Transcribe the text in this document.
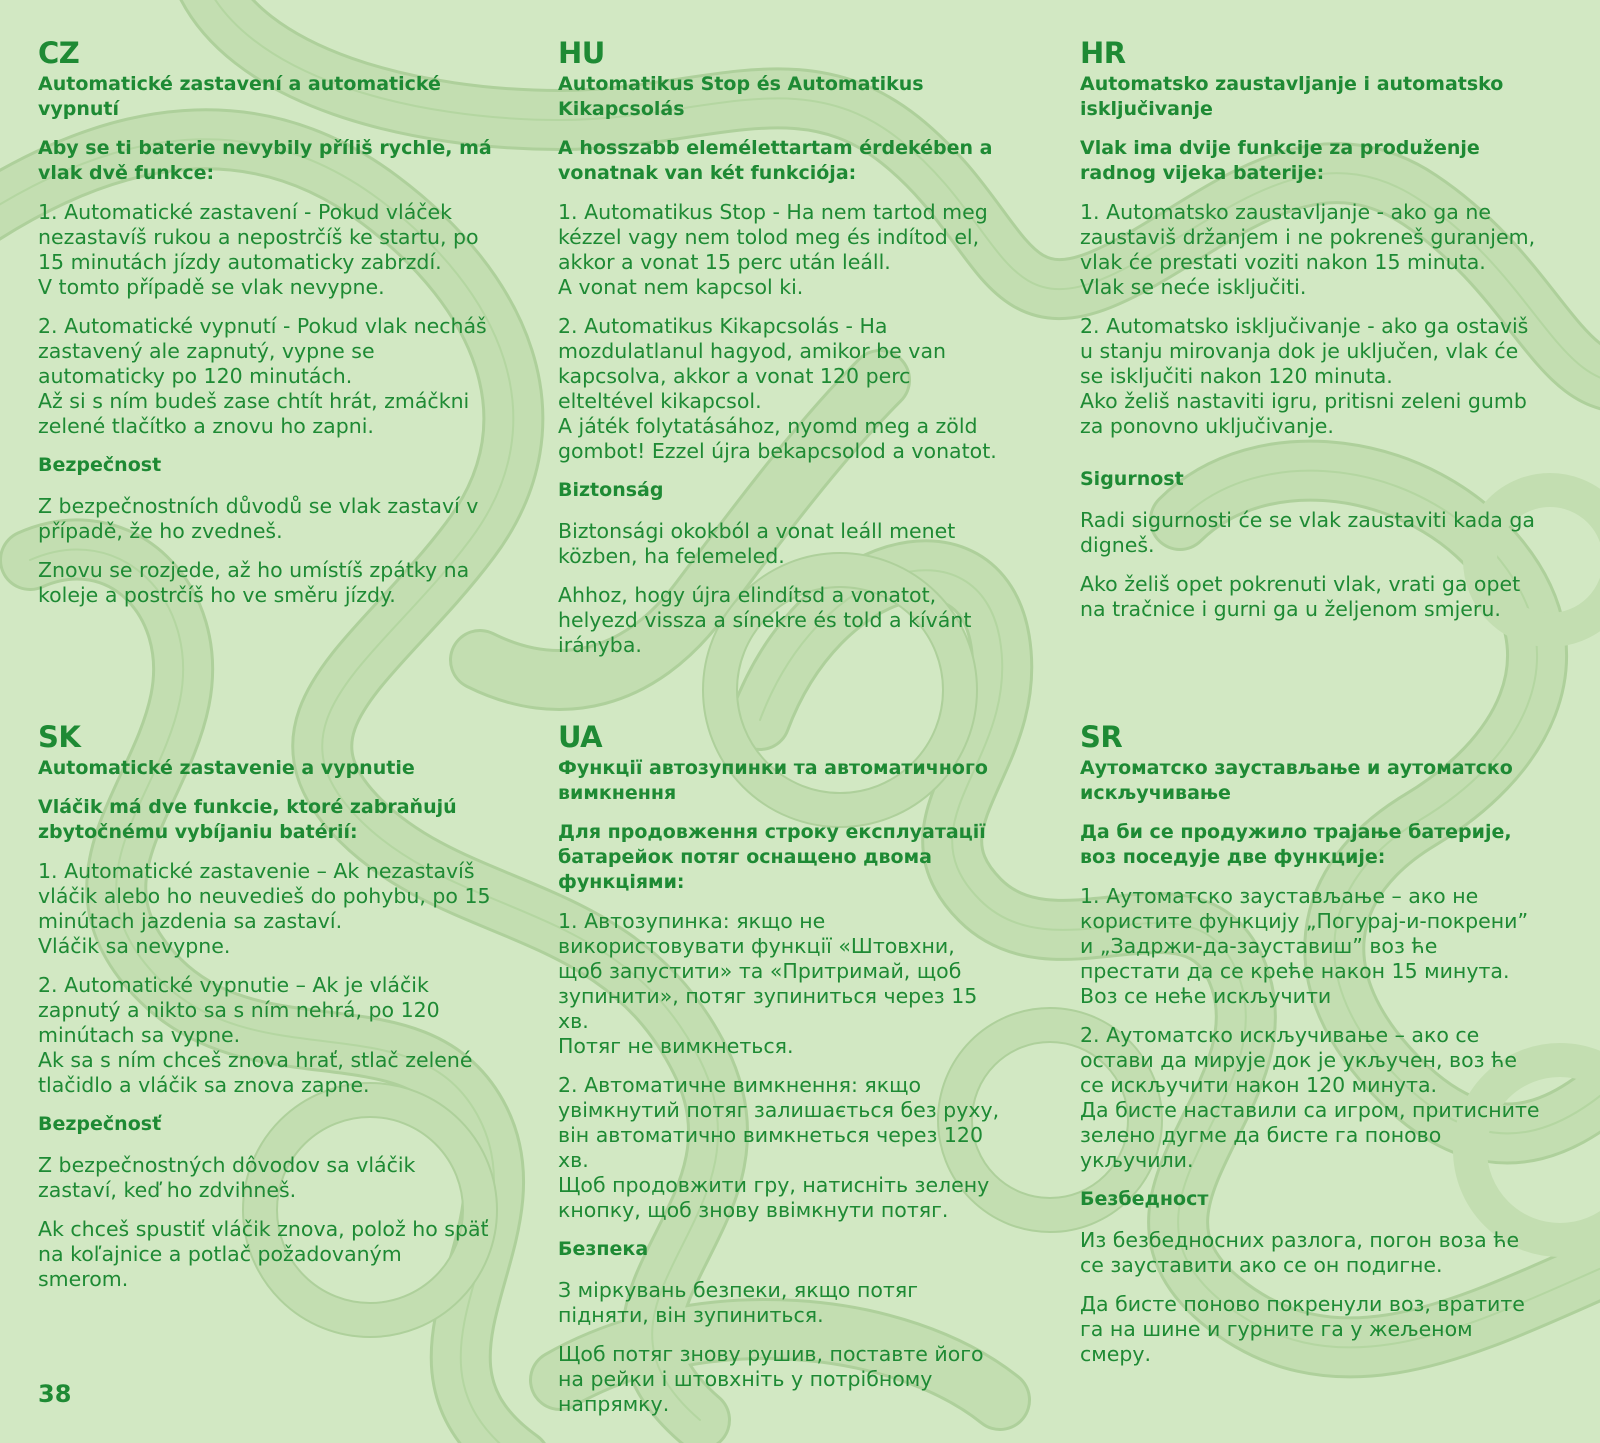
CZ
Automatické zastavení a automatické vypnutí
Aby se ti baterie nevybily příliš rychle, má vlak dvě funkce:
1. Automatické zastavení - Pokud vláček nezastavíš rukou a nepostrčíš ke startu, po 15 minutách jízdy automaticky zabrzdí.
V tomto případě se vlak nevypne.
2. Automatické vypnutí - Pokud vlak necháš zastavený ale zapnutý, vypne se automaticky po 120 minutách.
Až si s ním budeš zase chtít hrát, zmáčkni zelené tlačítko a znovu ho zapni.
Bezpečnost
Z bezpečnostních důvodů se vlak zastaví v případě, že ho zvedneš.
Znovu se rozjede, až ho umístíš zpátky na koleje a postrčíš ho ve směru jízdy.
HU
Automatikus Stop és Automatikus Kikapcsolás
A hosszabb elemélettartam érdekében a vonatnak van két funkciója:
1. Automatikus Stop - Ha nem tartod meg kézzel vagy nem tolod meg és indítod el, akkor a vonat 15 perc után leáll.
A vonat nem kapcsol ki.
2. Automatikus Kikapcsolás - Ha mozdulatlanul hagyod, amikor be van kapcsolva, akkor a vonat 120 perc elteltével kikapcsol.
A játék folytatásához, nyomd meg a zöld gombot! Ezzel újra bekapcsolod a vonatot.
Biztonság
Biztonsági okokból a vonat leáll menet közben, ha felemeled.
Ahhoz, hogy újra elindítsd a vonatot, helyezd vissza a sínekre és told a kívánt irányba.
HR
Automatsko zaustavljanje i automatsko isključivanje
Vlak ima dvije funkcije za produženje radnog vijeka baterije:
1. Automatsko zaustavljanje - ako ga ne zaustaviš držanjem i ne pokreneš guranjem, vlak će prestati voziti nakon 15 minuta.
Vlak se neće isključiti.
2. Automatsko isključivanje - ako ga ostaviš u stanju mirovanja dok je uključen, vlak će se isključiti nakon 120 minuta.
Ako želiš nastaviti igru, pritisni zeleni gumb za ponovno uključivanje.
Sigurnost
Radi sigurnosti će se vlak zaustaviti kada ga digneš.
Ako želiš opet pokrenuti vlak, vrati ga opet na tračnice i gurni ga u željenom smjeru.
SK
Automatické zastavenie a vypnutie
Vláčik má dve funkcie, ktoré zabraňujú zbytočnému vybíjaniu batérií:
1. Automatické zastavenie – Ak nezastavíš vláčik alebo ho neuvedieš do pohybu, po 15 minútach jazdenia sa zastaví.
Vláčik sa nevypne.
2. Automatické vypnutie – Ak je vláčik zapnutý a nikto sa s ním nehrá, po 120 minútach sa vypne.
Ak sa s ním chceš znova hrať, stlač zelené tlačidlo a vláčik sa znova zapne.
Bezpečnosť
Z bezpečnostných dôvodov sa vláčik zastaví, keď ho zdvihneš.
Ak chceš spustiť vláčik znova, polož ho späť na koľajnice a potlač požadovaným smerom.
UA
Функції автозупинки та автоматичного вимкнення
Для продовження строку експлуатації батарейок потяг оснащено двома функціями:
1. Автозупинка: якщо не використовувати функції «Штовхни, щоб запустити» та «Притримай, щоб зупинити», потяг зупиниться через 15 хв.
Потяг не вимкнеться.
2. Автоматичне вимкнення: якщо увімкнутий потяг залишається без руху, він автоматично вимкнеться через 120 хв.
Щоб продовжити гру, натисніть зелену кнопку, щоб знову ввімкнути потяг.
Безпека
З міркувань безпеки, якщо потяг підняти, він зупиниться.
Щоб потяг знову рушив, поставте його на рейки і штовхніть у потрібному напрямку.
SR
Аутоматско заустављање и аутоматско искључивање
Да би се продужило трајање батерије, воз поседује две функције:
1. Аутоматско заустављање – ако не користите функцију „Погурај-и-покрени” и „Задржи-да-зауставиш” воз ће престати да се креће након 15 минута.
Воз се неће искључити
2. Аутоматско искључивање – ако се остави да мирује док је укључен, воз ће се искључити након 120 минута.
Да бисте наставили са игром, притисните зелено дугме да бисте га поново укључили.
Безбедност
Из безбедносних разлога, погон воза ће се зауставити ако се он подигне.
Да бисте поново покренули воз, вратите га на шине и гурните га у жељеном смеру.
38
